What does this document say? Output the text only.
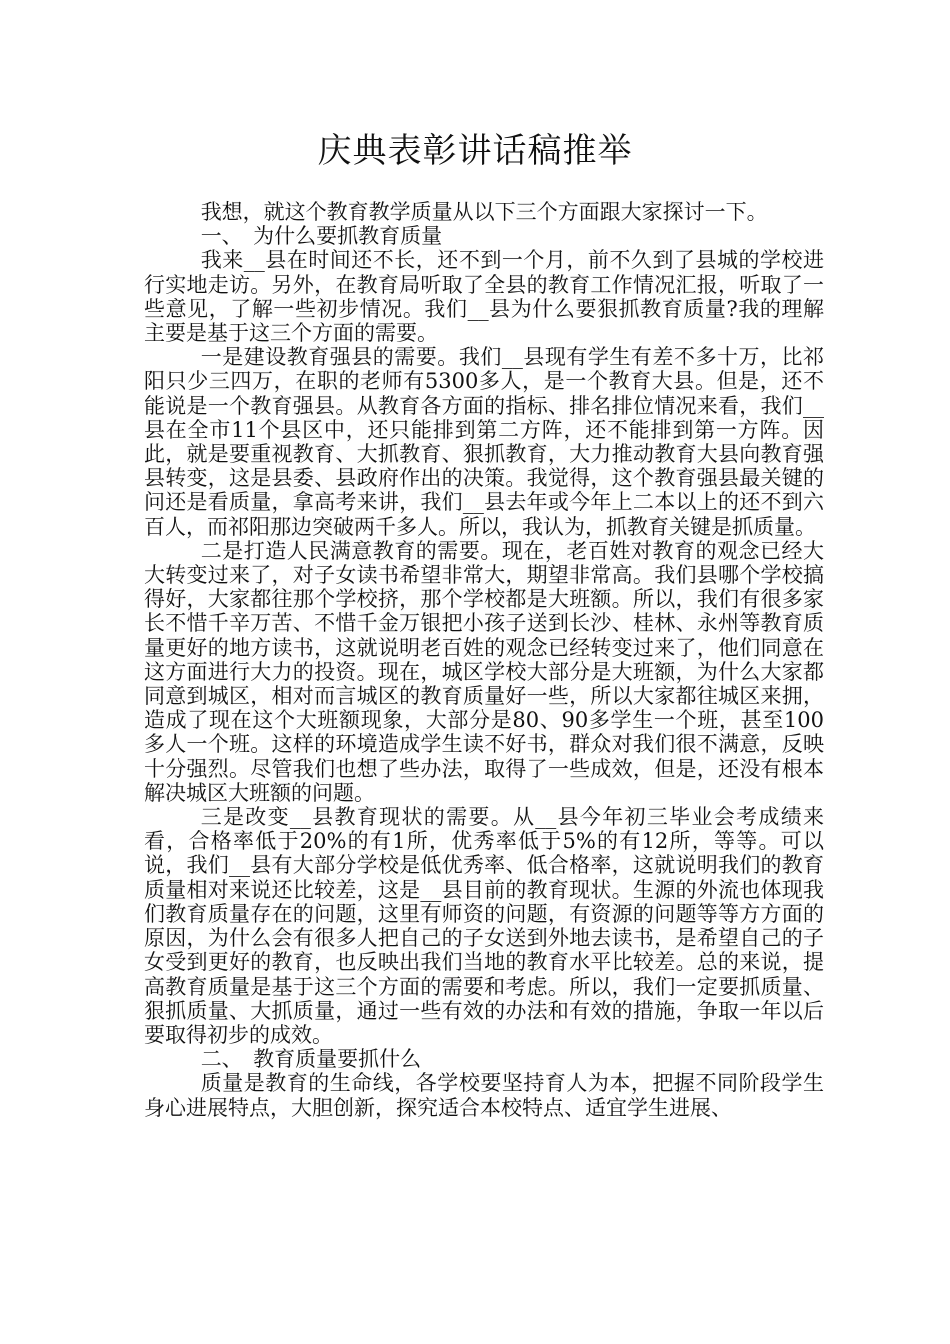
庆典表彰讲话稿推举

我想，就这个教育教学质量从以下三个方面跟大家探讨一下。

一、　为什么要抓教育质量

我来__县在时间还不长，还不到一个月，前不久到了县城的学校进行实地走访。另外，在教育局听取了全县的教育工作情况汇报，听取了一些意见，了解一些初步情况。我们__县为什么要狠抓教育质量?我的理解主要是基于这三个方面的需要。

一是建设教育强县的需要。我们__县现有学生有差不多十万，比祁阳只少三四万，在职的老师有5300多人，是一个教育大县。但是，还不能说是一个教育强县。从教育各方面的指标、排名排位情况来看，我们__县在全市11个县区中，还只能排到第二方阵，还不能排到第一方阵。因此，就是要重视教育、大抓教育、狠抓教育，大力推动教育大县向教育强县转变，这是县委、县政府作出的决策。我觉得，这个教育强县最关键的问还是看质量，拿高考来讲，我们__县去年或今年上二本以上的还不到六百人，而祁阳那边突破两千多人。所以，我认为，抓教育关键是抓质量。

二是打造人民满意教育的需要。现在，老百姓对教育的观念已经大大转变过来了，对子女读书希望非常大，期望非常高。我们县哪个学校搞得好，大家都往那个学校挤，那个学校都是大班额。所以，我们有很多家长不惜千辛万苦、不惜千金万银把小孩子送到长沙、桂林、永州等教育质量更好的地方读书，这就说明老百姓的观念已经转变过来了，他们同意在这方面进行大力的投资。现在，城区学校大部分是大班额，为什么大家都同意到城区，相对而言城区的教育质量好一些，所以大家都往城区来拥，造成了现在这个大班额现象，大部分是80、90多学生一个班，甚至100多人一个班。这样的环境造成学生读不好书，群众对我们很不满意，反映十分强烈。尽管我们也想了些办法，取得了一些成效，但是，还没有根本解决城区大班额的问题。

三是改变__县教育现状的需要。从__县今年初三毕业会考成绩来看，合格率低于20%的有1所，优秀率低于5%的有12所，等等。可以说，我们__县有大部分学校是低优秀率、低合格率，这就说明我们的教育质量相对来说还比较差，这是__县目前的教育现状。生源的外流也体现我们教育质量存在的问题，这里有师资的问题，有资源的问题等等方方面的原因，为什么会有很多人把自己的子女送到外地去读书，是希望自己的子女受到更好的教育，也反映出我们当地的教育水平比较差。总的来说，提高教育质量是基于这三个方面的需要和考虑。所以，我们一定要抓质量、狠抓质量、大抓质量，通过一些有效的办法和有效的措施，争取一年以后要取得初步的成效。

二、　教育质量要抓什么

质量是教育的生命线，各学校要坚持育人为本，把握不同阶段学生身心进展特点，大胆创新，探究适合本校特点、适宜学生进展、
